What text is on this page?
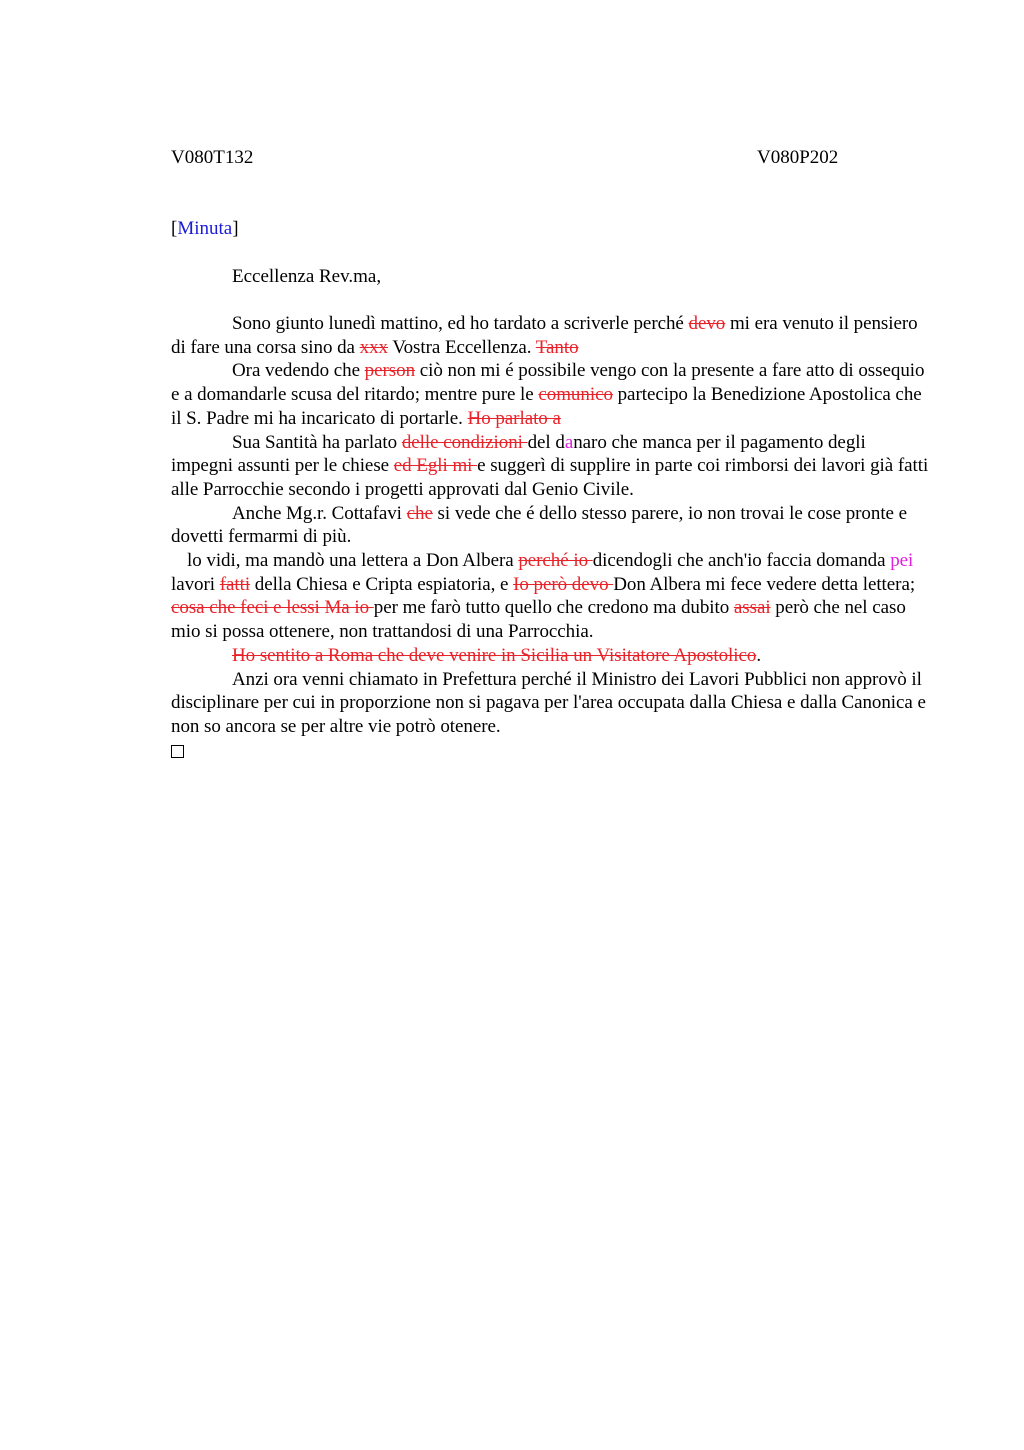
V080T132	V080P202
[Minuta]
Eccellenza Rev.ma,

Sono giunto lunedì mattino, ed ho tardato a scriverle perché devo mi era venuto il pensiero di fare una corsa sino da xxx Vostra Eccellenza. Tanto

Ora vedendo che person ciò non mi é possibile vengo con la presente a fare atto di ossequio e a domandarle scusa del ritardo; mentre pure le comunico partecipo la Benedizione Apostolica che il S. Padre mi ha incaricato di portarle. Ho parlato a

Sua Santità ha parlato delle condizioni del danaro che manca per il pagamento degli impegni assunti per le chiese ed Egli mi e suggerì di supplire in parte coi rimborsi dei lavori già fatti alle Parrocchie secondo i progetti approvati dal Genio Civile.

Anche Mg.r. Cottafavi che si vede che é dello stesso parere, io non trovai le cose pronte e dovetti fermarmi di più.

lo vidi, ma mandò una lettera a Don Albera perché io dicendogli che anch'io faccia domanda pei lavori fatti della Chiesa e Cripta espiatoria, e Io però devo Don Albera mi fece vedere detta lettera; cosa che feci e lessi Ma io per me farò tutto quello che credono ma dubito assai però che nel caso mio si possa ottenere, non trattandosi di una Parrocchia.

Ho sentito a Roma che deve venire in Sicilia un Visitatore Apostolico.

Anzi ora venni chiamato in Prefettura perché il Ministro dei Lavori Pubblici non approvò il disciplinare per cui in proporzione non si pagava per l'area occupata dalla Chiesa e dalla Canonica e non so ancora se per altre vie potrò otenere.
